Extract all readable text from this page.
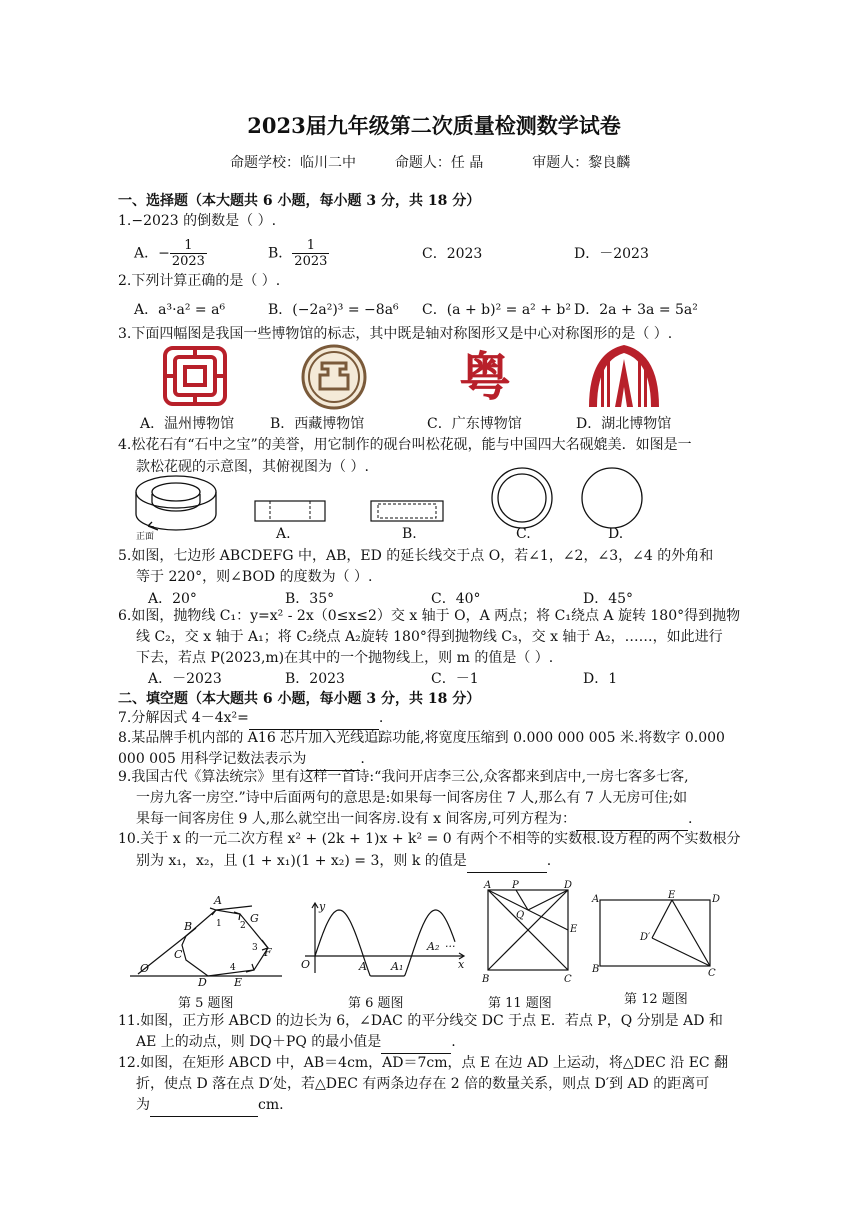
2023届九年级第二次质量检测数学试卷
命题学校：临川二中	命题人：任 晶	审题人：黎良麟
一、选择题（本大题共 6 小题，每小题 3 分，共 18 分）
1.−2023 的倒数是（ ）.
A．− $\frac{1}{2023}$	B． $\frac{1}{2023}$	C．2023	D．－2023
2.下列计算正确的是（ ）.
A．a³·a² = a⁶	B．(−2a²)³ = −8a⁶ C．(a + b)² = a² + b² D．2a + 3a = 5a²
3.下面四幅图是我国一些博物馆的标志，其中既是轴对称图形又是中心对称图形的是（ ）.
粤
A．温州博物馆	B．西藏博物馆	C．广东博物馆	D．湖北博物馆
4.松花石有“石中之宝”的美誉，用它制作的砚台叫松花砚，能与中国四大名砚媲美．如图是一
款松花砚的示意图，其俯视图为（ ）.
正面	A.	B.	C.	D.
5.如图，七边形 ABCDEFG 中，AB，ED 的延长线交于点 O，若∠1，∠2，∠3，∠4 的外角和
等于 220°，则∠BOD 的度数为（ ）.
A．20°	B．35°	C．40°	D．45°
6.如图，抛物线 C₁：y=x² - 2x（0≤x≤2）交 x 轴于 O，A 两点；将 C₁绕点 A 旋转 180°得到抛物
线 C₂，交 x 轴于 A₁；将 C₂绕点 A₂旋转 180°得到抛物线 C₃，交 x 轴于 A₂，……，如此进行
下去，若点 P(2023,m)在其中的一个抛物线上，则 m 的值是（ ）.
A．－2023	B．2023	C．－1	D．1
二、填空题（本大题共 6 小题，每小题 3 分，共 18 分）
7.分解因式 4－4x²=	.
8.某品牌手机内部的 A16 芯片加入光线追踪功能,将宽度压缩到 0.000 000 005 米.将数字 0.000
000 005 用科学记数法表示为	.
9.我国古代《算法统宗》里有这样一首诗:“我问开店李三公,众客都来到店中,一房七客多七客,
一房九客一房空.”诗中后面两句的意思是:如果每一间客房住 7 人,那么有 7 人无房可住;如
果每一间客房住 9 人,那么就空出一间客房.设有 x 间客房,可列方程为：	.
10.关于 x 的一元二次方程 x² + (2k + 1)x + k² = 0 有两个不相等的实数根.设方程的两个实数根分
别为 x₁，x₂，且 (1 + x₁)(1 + x₂) = 3，则 k 的值是	.
A
B
C
D E
F
G
O
1 2
3
4
第 5 题图
y
x
O	A A₁
A₂ ···
第 6 题图
A P	D
Q
E
B	C
第 11 题图
A	E	D
D′
B	C
第 12 题图
11.如图，正方形 ABCD 的边长为 6，∠DAC 的平分线交 DC 于点 E．若点 P，Q 分别是 AD 和
AE 上的动点，则 DQ＋PQ 的最小值是	.
12.如图，在矩形 ABCD 中，AB＝4cm，AD＝7cm，点 E 在边 AD 上运动，将△DEC 沿 EC 翻
折，使点 D 落在点 D′处，若△DEC 有两条边存在 2 倍的数量关系，则点 D′到 AD 的距离可
为	cm.
